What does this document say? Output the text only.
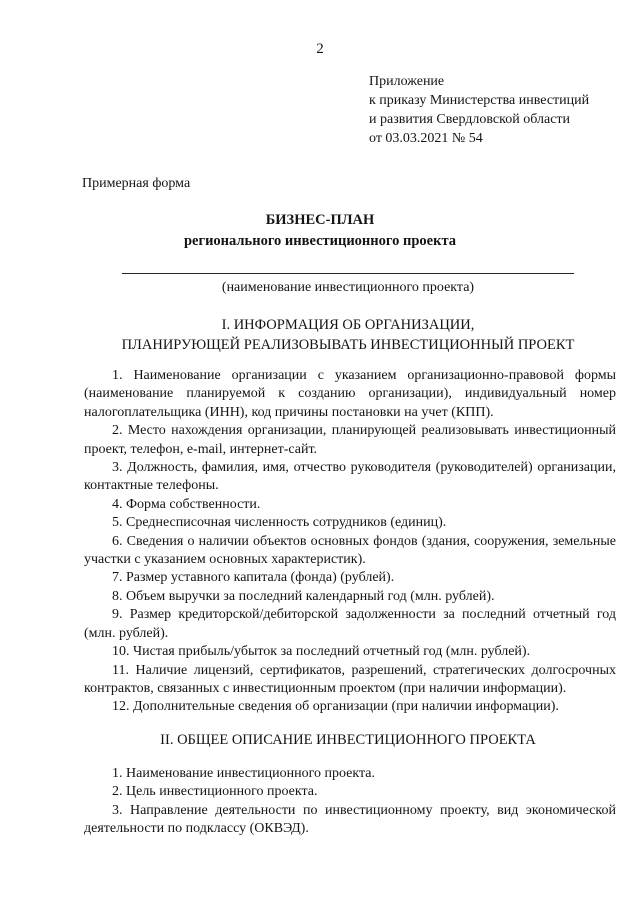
2
Приложение
к приказу Министерства инвестиций
и развития Свердловской области
от 03.03.2021 № 54
Примерная форма
БИЗНЕС-ПЛАН
регионального инвестиционного проекта
(наименование инвестиционного проекта)
I. ИНФОРМАЦИЯ ОБ ОРГАНИЗАЦИИ,
ПЛАНИРУЮЩЕЙ РЕАЛИЗОВЫВАТЬ ИНВЕСТИЦИОННЫЙ ПРОЕКТ

1. Наименование организации с указанием организационно-правовой формы (наименование планируемой к созданию организации), индивидуальный номер налогоплательщика (ИНН), код причины постановки на учет (КПП).

2. Место нахождения организации, планирующей реализовывать инвестиционный проект, телефон, e-mail, интернет-сайт.

3. Должность, фамилия, имя, отчество руководителя (руководителей) организации, контактные телефоны.

4. Форма собственности.

5. Среднесписочная численность сотрудников (единиц).

6. Сведения о наличии объектов основных фондов (здания, сооружения, земельные участки с указанием основных характеристик).

7. Размер уставного капитала (фонда) (рублей).

8. Объем выручки за последний календарный год (млн. рублей).

9. Размер кредиторской/дебиторской задолженности за последний отчетный год (млн. рублей).

10. Чистая прибыль/убыток за последний отчетный год (млн. рублей).

11. Наличие лицензий, сертификатов, разрешений, стратегических долгосрочных контрактов, связанных с инвестиционным проектом (при наличии информации).

12. Дополнительные сведения об организации (при наличии информации).

II. ОБЩЕЕ ОПИСАНИЕ ИНВЕСТИЦИОННОГО ПРОЕКТА

1. Наименование инвестиционного проекта.

2. Цель инвестиционного проекта.

3. Направление деятельности по инвестиционному проекту, вид экономической деятельности по подклассу (ОКВЭД).
